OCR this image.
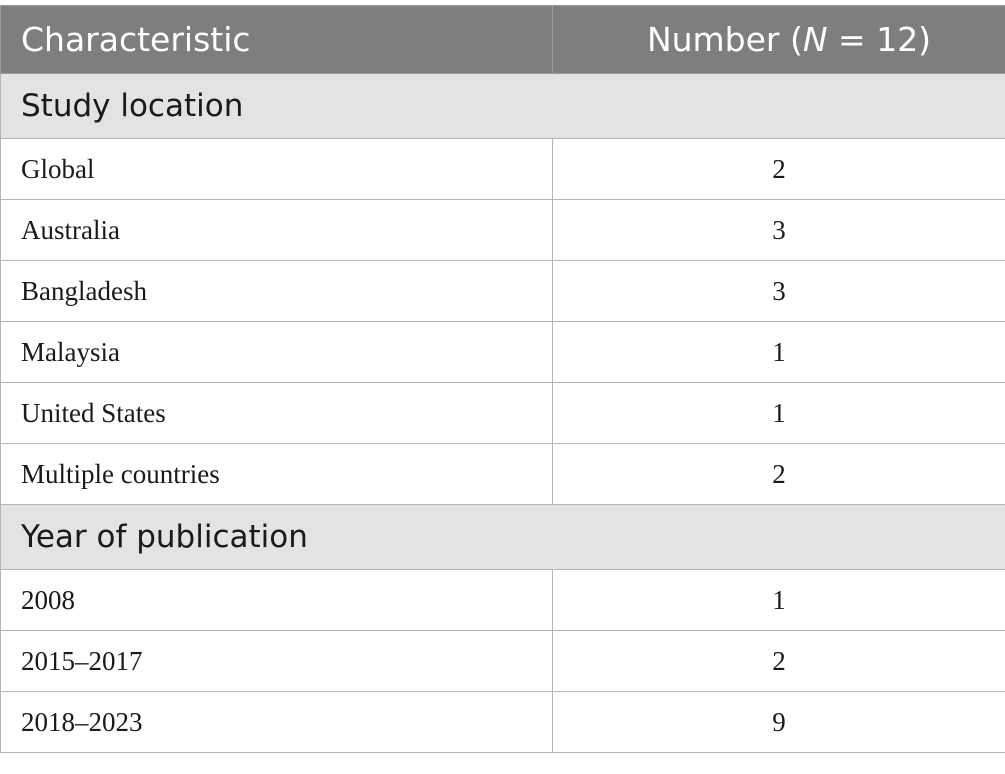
Characteristic	Number (N = 12)
Study location	
Global	2
Australia	3
Bangladesh	3
Malaysia	1
United States	1
Multiple countries	2
Year of publication	
2008	1
2015–2017	2
2018–2023	9
